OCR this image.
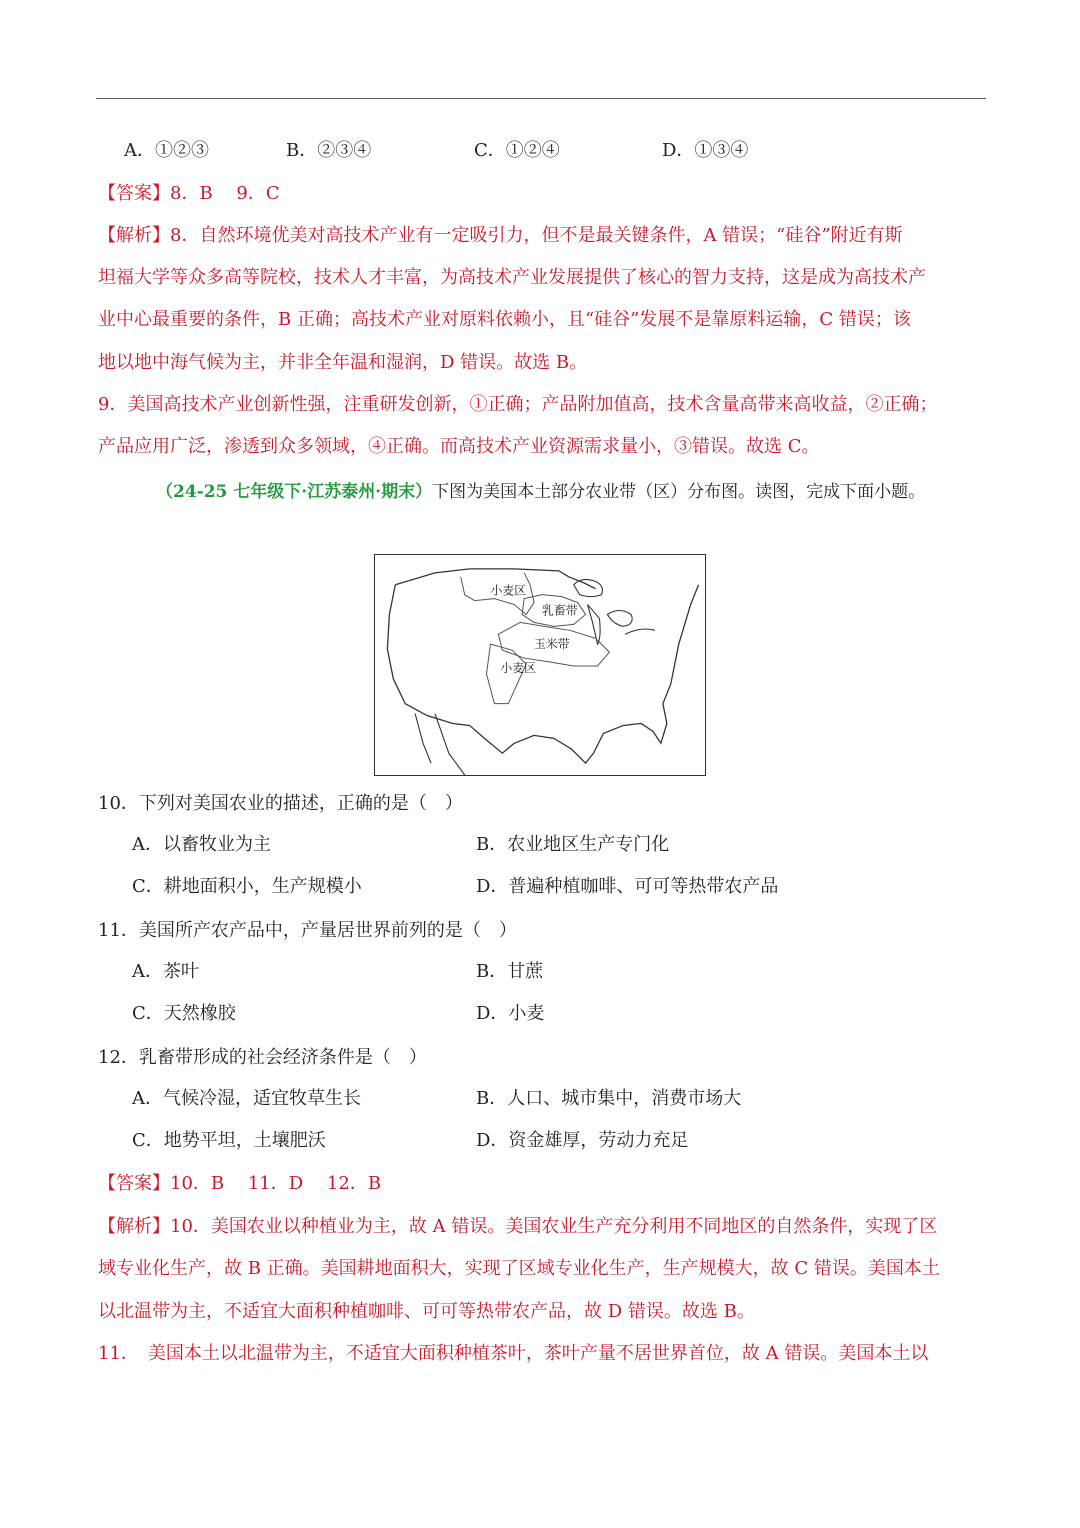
A．①②③	B．②③④	C．①②④	D．①③④
【答案】8．B　 9．C
【解析】8．自然环境优美对高技术产业有一定吸引力，但不是最关键条件，A 错误；“硅谷”附近有斯
坦福大学等众多高等院校，技术人才丰富，为高技术产业发展提供了核心的智力支持，这是成为高技术产
业中心最重要的条件，B 正确；高技术产业对原料依赖小，且“硅谷”发展不是靠原料运输，C 错误；该
地以地中海气候为主，并非全年温和湿润，D 错误。故选 B。
9．美国高技术产业创新性强，注重研发创新，①正确；产品附加值高，技术含量高带来高收益，②正确；
产品应用广泛，渗透到众多领域，④正确。而高技术产业资源需求量小，③错误。故选 C。
（24-25 七年级下·江苏泰州·期末）下图为美国本土部分农业带（区）分布图。读图，完成下面小题。
小麦区
乳畜带
玉米带
小麦区
10．下列对美国农业的描述，正确的是（　）
A．以畜牧业为主	B．农业地区生产专门化
C．耕地面积小，生产规模小	D．普遍种植咖啡、可可等热带农产品
11．美国所产农产品中，产量居世界前列的是（　）
A．茶叶	B．甘蔗
C．天然橡胶	D．小麦
12．乳畜带形成的社会经济条件是（　）
A．气候冷湿，适宜牧草生长	B．人口、城市集中，消费市场大
C．地势平坦，土壤肥沃	D．资金雄厚，劳动力充足
【答案】10．B　 11．D　 12．B
【解析】10．美国农业以种植业为主，故 A 错误。美国农业生产充分利用不同地区的自然条件，实现了区
域专业化生产，故 B 正确。美国耕地面积大，实现了区域专业化生产，生产规模大，故 C 错误。美国本土
以北温带为主，不适宜大面积种植咖啡、可可等热带农产品，故 D 错误。故选 B。
11．　美国本土以北温带为主，不适宜大面积种植茶叶，茶叶产量不居世界首位，故 A 错误。美国本土以
